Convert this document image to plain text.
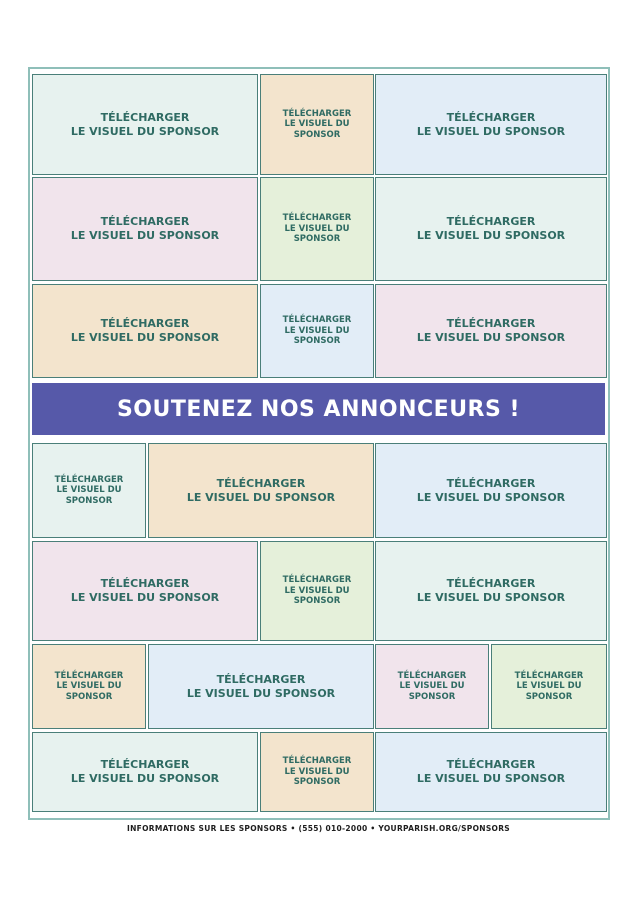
TÉLÉCHARGER
LE VISUEL DU SPONSOR
TÉLÉCHARGER
LE VISUEL DU
SPONSOR
TÉLÉCHARGER
LE VISUEL DU SPONSOR
TÉLÉCHARGER
LE VISUEL DU SPONSOR
TÉLÉCHARGER
LE VISUEL DU
SPONSOR
TÉLÉCHARGER
LE VISUEL DU SPONSOR
TÉLÉCHARGER
LE VISUEL DU SPONSOR
TÉLÉCHARGER
LE VISUEL DU
SPONSOR
TÉLÉCHARGER
LE VISUEL DU SPONSOR
SOUTENEZ NOS ANNONCEURS !
TÉLÉCHARGER
LE VISUEL DU
SPONSOR
TÉLÉCHARGER
LE VISUEL DU SPONSOR
TÉLÉCHARGER
LE VISUEL DU SPONSOR
TÉLÉCHARGER
LE VISUEL DU SPONSOR
TÉLÉCHARGER
LE VISUEL DU
SPONSOR
TÉLÉCHARGER
LE VISUEL DU SPONSOR
TÉLÉCHARGER
LE VISUEL DU
SPONSOR
TÉLÉCHARGER
LE VISUEL DU SPONSOR
TÉLÉCHARGER
LE VISUEL DU
SPONSOR
TÉLÉCHARGER
LE VISUEL DU
SPONSOR
TÉLÉCHARGER
LE VISUEL DU SPONSOR
TÉLÉCHARGER
LE VISUEL DU
SPONSOR
TÉLÉCHARGER
LE VISUEL DU SPONSOR
INFORMATIONS SUR LES SPONSORS • (555) 010-2000 • YOURPARISH.ORG/SPONSORS
